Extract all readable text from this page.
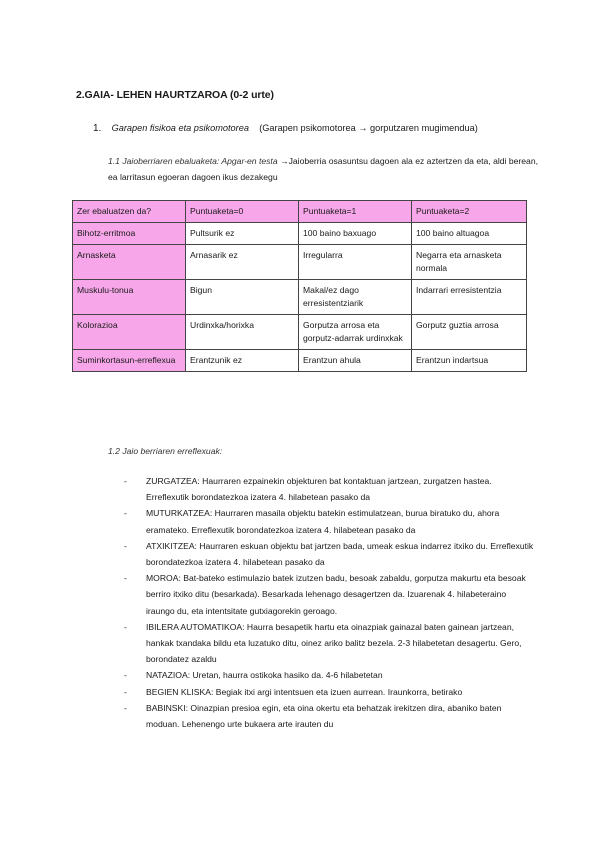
2.GAIA- LEHEN HAURTZAROA (0-2 urte)
1. Garapen fisikoa eta psikomotorea (Garapen psikomotorea → gorputzaren mugimendua)
1.1 Jaioberriaren ebaluaketa: Apgar-en testa →Jaioberria osasuntsu dagoen ala ez aztertzen da eta, aldi berean, ea larritasun egoeran dagoen ikus dezakegu
Zer ebaluatzen da?	Puntuaketa=0	Puntuaketa=1	Puntuaketa=2
Bihotz-erritmoa	Pultsurik ez	100 baino baxuago	100 baino altuagoa
Arnasketa	Arnasarik ez	Irregularra	Negarra eta arnasketa normala
Muskulu-tonua	Bigun	Makal/ez dago erresistentziarik	Indarrari erresistentzia
Kolorazioa	Urdinxka/horixka	Gorputza arrosa eta gorputz-adarrak urdinxkak	Gorputz guztia arrosa
Suminkortasun-erreflexua	Erantzunik ez	Erantzun ahula	Erantzun indartsua
1.2 Jaio berriaren erreflexuak:
- ZURGATZEA: Haurraren ezpainekin objekturen bat kontaktuan jartzean, zurgatzen hastea. Erreflexutik borondatezkoa izatera 4. hilabetean pasako da
- MUTURKATZEA: Haurraren masaila objektu batekin estimulatzean, burua biratuko du, ahora eramateko. Erreflexutik borondatezkoa izatera 4. hilabetean pasako da
- ATXIKITZEA: Haurraren eskuan objektu bat jartzen bada, umeak eskua indarrez itxiko du. Erreflexutik borondatezkoa izatera 4. hilabetean pasako da
- MOROA: Bat-bateko estimulazio batek izutzen badu, besoak zabaldu, gorputza makurtu eta besoak berriro itxiko ditu (besarkada). Besarkada lehenago desagertzen da. Izuarenak 4. hilabeteraino iraungo du, eta intentsitate gutxiagorekin geroago.
- IBILERA AUTOMATIKOA: Haurra besapetik hartu eta oinazpiak gainazal baten gainean jartzean, hankak txandaka bildu eta luzatuko ditu, oinez ariko balitz bezela. 2-3 hilabetetan desagertu. Gero, borondatez azaldu
- NATAZIOA: Uretan, haurra ostikoka hasiko da. 4-6 hilabetetan
- BEGIEN KLISKA: Begiak itxi argi intentsuen eta izuen aurrean. Iraunkorra, betirako
- BABINSKI: Oinazpian presioa egin, eta oina okertu eta behatzak irekitzen dira, abaniko baten moduan. Lehenengo urte bukaera arte irauten du
